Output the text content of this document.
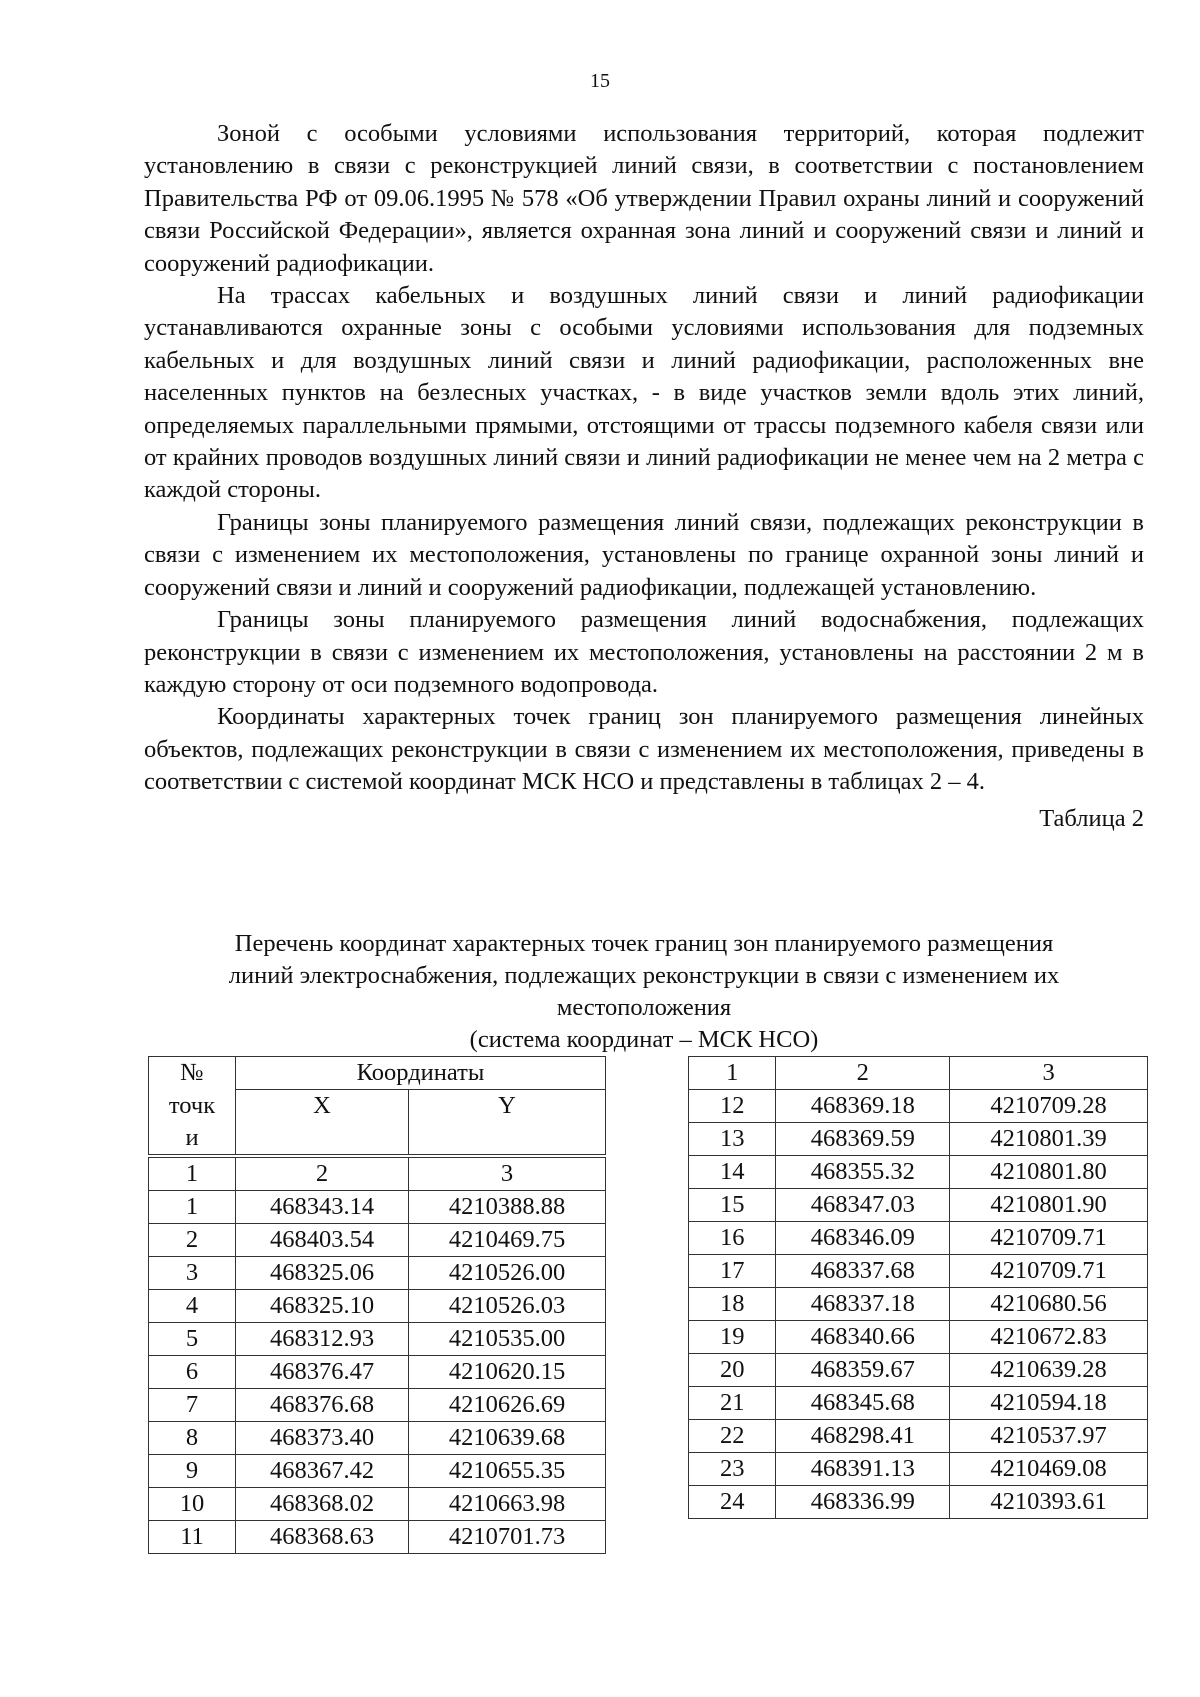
15

Зоной с особыми условиями использования территорий, которая подлежит установлению в связи с реконструкцией линий связи, в соответствии с постановлением Правительства РФ от 09.06.1995 № 578 «Об утверждении Правил охраны линий и сооружений связи Российской Федерации», является охранная зона линий и сооружений связи и линий и сооружений радиофикации.

На трассах кабельных и воздушных линий связи и линий радиофикации устанавливаются охранные зоны с особыми условиями использования для подземных кабельных и для воздушных линий связи и линий радиофикации, расположенных вне населенных пунктов на безлесных участках, - в виде участков земли вдоль этих линий, определяемых параллельными прямыми, отстоящими от трассы подземного кабеля связи или от крайних проводов воздушных линий связи и линий радиофикации не менее чем на 2 метра с каждой стороны.

Границы зоны планируемого размещения линий связи, подлежащих реконструкции в связи с изменением их местоположения, установлены по границе охранной зоны линий и сооружений связи и линий и сооружений радиофикации, подлежащей установлению.

Границы зоны планируемого размещения линий водоснабжения, подлежащих реконструкции в связи с изменением их местоположения, установлены на расстоянии 2 м в каждую сторону от оси подземного водопровода.

Координаты характерных точек границ зон планируемого размещения линейных объектов, подлежащих реконструкции в связи с изменением их местоположения, приведены в соответствии с системой координат МСК НСО и представлены в таблицах 2 – 4.

Таблица 2
Перечень координат характерных точек границ зон планируемого размещения
линий электроснабжения, подлежащих реконструкции в связи с изменением их
местоположения
(система координат – МСК НСО)
№	Координаты	
точк	X	Y
и		

1	2	3
1	468343.14	4210388.88
2	468403.54	4210469.75
3	468325.06	4210526.00
4	468325.10	4210526.03
5	468312.93	4210535.00
6	468376.47	4210620.15
7	468376.68	4210626.69
8	468373.40	4210639.68
9	468367.42	4210655.35
10	468368.02	4210663.98
11	468368.63	4210701.73
1	2	3
12	468369.18	4210709.28
13	468369.59	4210801.39
14	468355.32	4210801.80
15	468347.03	4210801.90
16	468346.09	4210709.71
17	468337.68	4210709.71
18	468337.18	4210680.56
19	468340.66	4210672.83
20	468359.67	4210639.28
21	468345.68	4210594.18
22	468298.41	4210537.97
23	468391.13	4210469.08
24	468336.99	4210393.61
